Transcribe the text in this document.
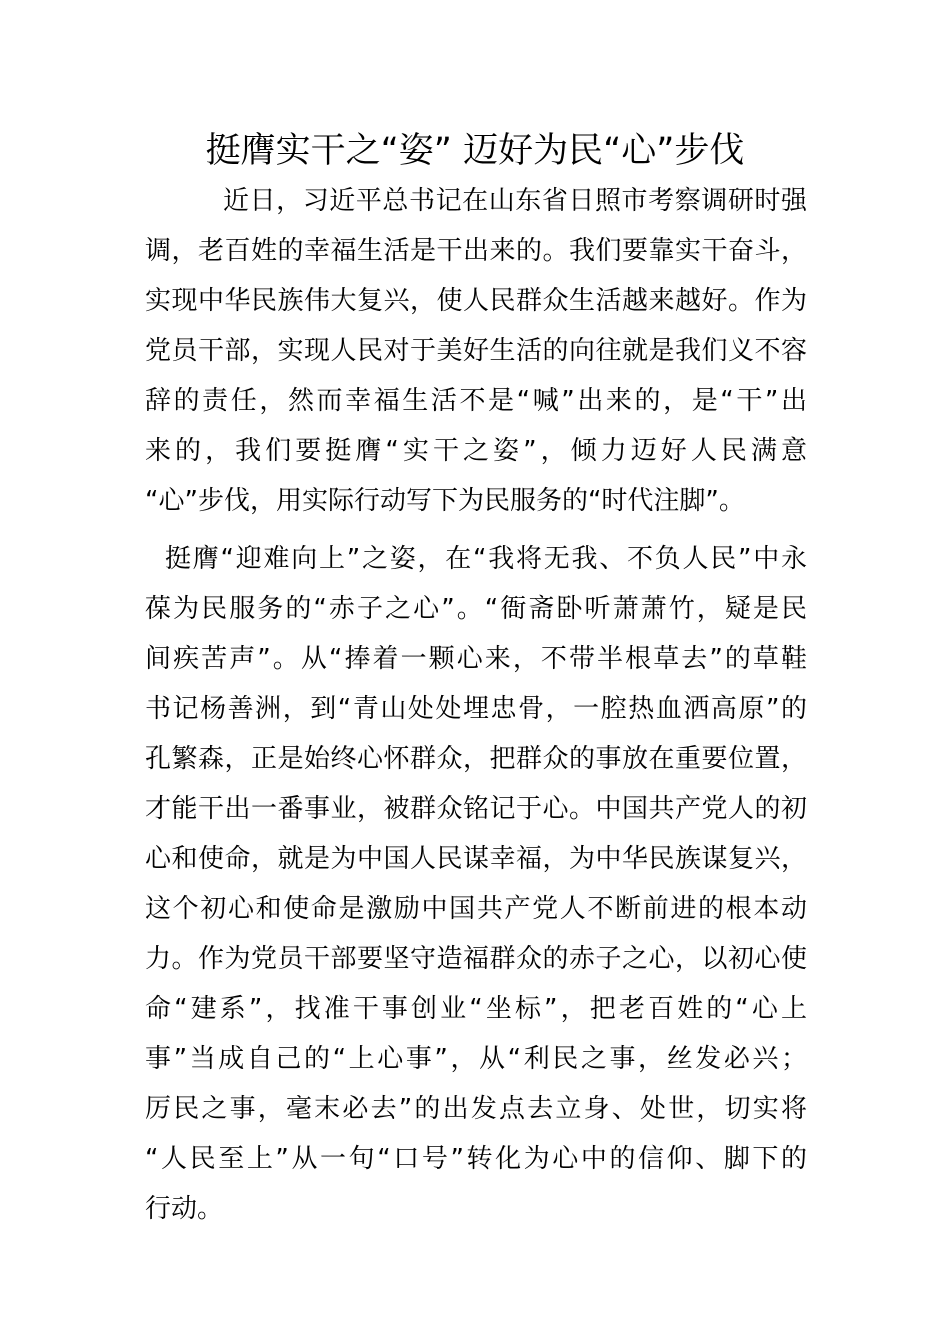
挺膺实干之“姿” 迈好为民“心”步伐
近日，习近平总书记在山东省日照市考察调研时强
调，老百姓的幸福生活是干出来的。我们要靠实干奋斗，
实现中华民族伟大复兴，使人民群众生活越来越好。作为
党员干部，实现人民对于美好生活的向往就是我们义不容
辞的责任，然而幸福生活不是“喊”出来的，是“干”出
来的，我们要挺膺“实干之姿”，倾力迈好人民满意
“心”步伐，用实际行动写下为民服务的“时代注脚”。
挺膺“迎难向上”之姿，在“我将无我、不负人民”中永
葆为民服务的“赤子之心”。“衙斋卧听萧萧竹，疑是民
间疾苦声”。从“捧着一颗心来，不带半根草去”的草鞋
书记杨善洲，到“青山处处埋忠骨，一腔热血洒高原”的
孔繁森，正是始终心怀群众，把群众的事放在重要位置，
才能干出一番事业，被群众铭记于心。中国共产党人的初
心和使命，就是为中国人民谋幸福，为中华民族谋复兴，
这个初心和使命是激励中国共产党人不断前进的根本动
力。作为党员干部要坚守造福群众的赤子之心，以初心使
命“建系”，找准干事创业“坐标”，把老百姓的“心上
事”当成自己的“上心事”，从“利民之事，丝发必兴；
厉民之事，毫末必去”的出发点去立身、处世，切实将
“人民至上”从一句“口号”转化为心中的信仰、脚下的
行动。
